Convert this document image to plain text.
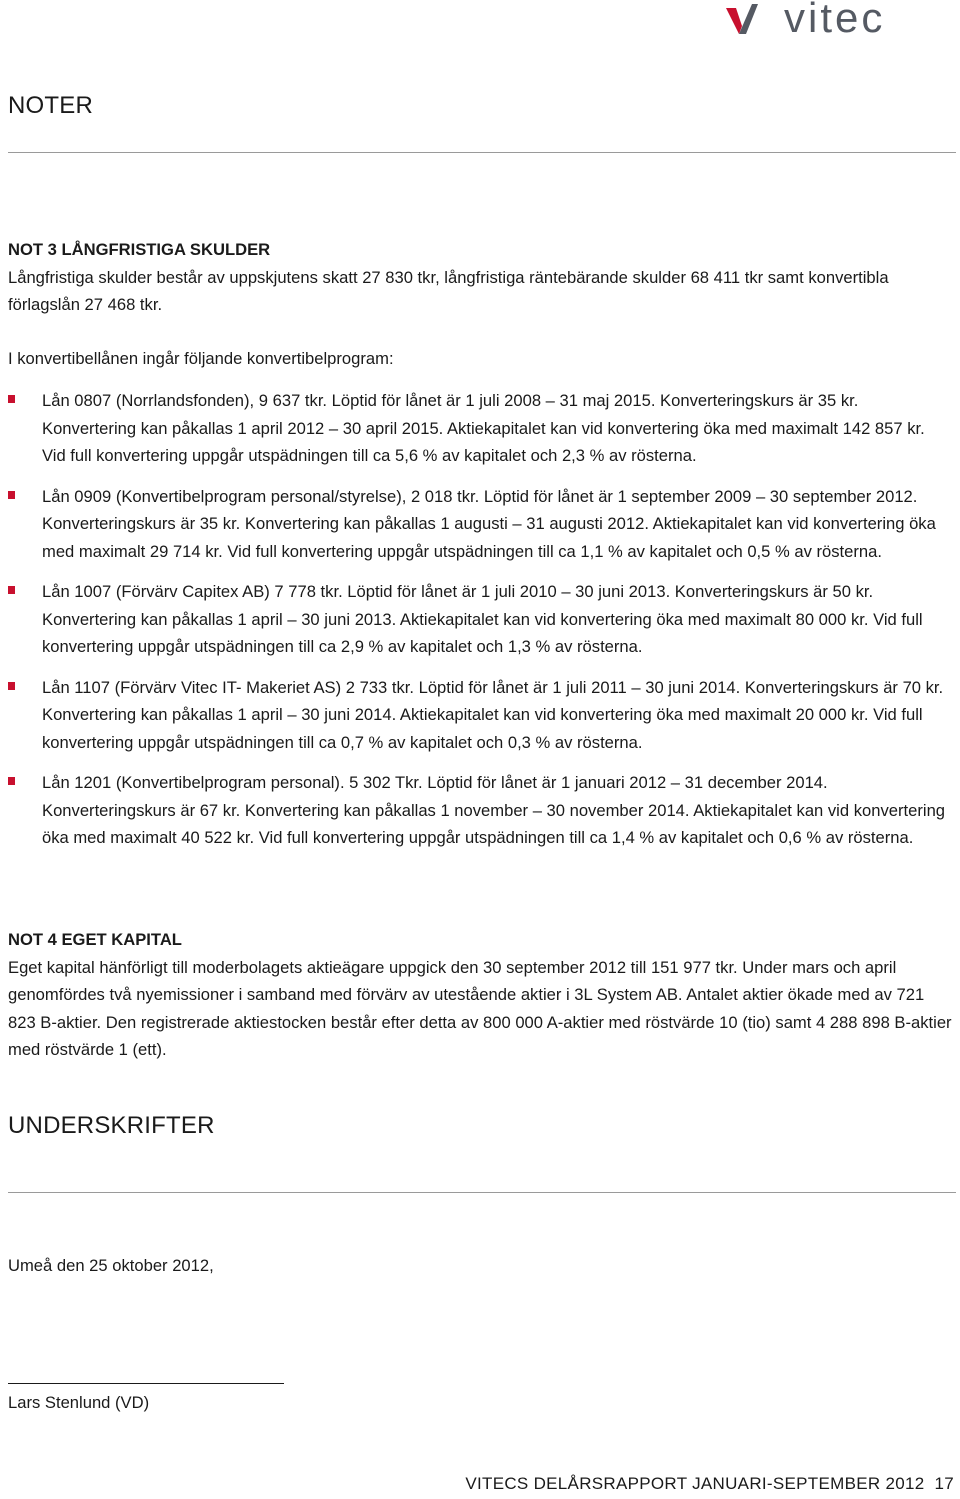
vitec
NOTER
NOT 3 LÅNGFRISTIGA SKULDER

Långfristiga skulder består av uppskjutens skatt 27 830 tkr, långfristiga räntebärande skulder 68 411 tkr samt konvertibla förlagslån 27 468 tkr.

I konvertibellånen ingår följande konvertibelprogram:

Lån 0807 (Norrlandsfonden), 9 637 tkr. Löptid för lånet är 1 juli 2008 – 31 maj 2015. Konverteringskurs är 35 kr. Konvertering kan påkallas 1 april 2012 – 30 april 2015. Aktiekapitalet kan vid konvertering öka med maximalt 142 857 kr. Vid full konvertering uppgår utspädningen till ca 5,6 % av kapitalet och 2,3 % av rösterna.
Lån 0909 (Konvertibelprogram personal/styrelse), 2 018 tkr. Löptid för lånet är 1 september 2009 – 30 september 2012. Konverteringskurs är 35 kr. Konvertering kan påkallas 1 augusti – 31 augusti 2012. Aktiekapitalet kan vid konvertering öka med maximalt 29 714 kr. Vid full konvertering uppgår utspädningen till ca 1,1 % av kapitalet och 0,5 % av rösterna.
Lån 1007 (Förvärv Capitex AB) 7 778 tkr. Löptid för lånet är 1 juli 2010 – 30 juni 2013. Konverteringskurs är 50 kr. Konvertering kan påkallas 1 april – 30 juni 2013. Aktiekapitalet kan vid konvertering öka med maximalt 80 000 kr. Vid full konvertering uppgår utspädningen till ca 2,9 % av kapitalet och 1,3 % av rösterna.
Lån 1107 (Förvärv Vitec IT- Makeriet AS) 2 733 tkr. Löptid för lånet är 1 juli 2011 – 30 juni 2014. Konverteringskurs är 70 kr. Konvertering kan påkallas 1 april – 30 juni 2014. Aktiekapitalet kan vid konvertering öka med maximalt 20 000 kr. Vid full konvertering uppgår utspädningen till ca 0,7 % av kapitalet och 0,3 % av rösterna.
Lån 1201 (Konvertibelprogram personal). 5 302 Tkr. Löptid för lånet är 1 januari 2012 – 31 december 2014. Konverteringskurs är 67 kr. Konvertering kan påkallas 1 november – 30 november 2014. Aktiekapitalet kan vid konvertering öka med maximalt 40 522 kr. Vid full konvertering uppgår utspädningen till ca 1,4 % av kapitalet och 0,6 % av rösterna.
NOT 4 EGET KAPITAL

Eget kapital hänförligt till moderbolagets aktieägare uppgick den 30 september 2012 till 151 977 tkr. Under mars och april genomfördes två nyemissioner i samband med förvärv av utestående aktier i 3L System AB. Antalet aktier ökade med av 721 823 B-aktier. Den registrerade aktiestocken består efter detta av 800 000 A-aktier med röstvärde 10 (tio) samt 4 288 898 B-aktier med röstvärde 1 (ett).

UNDERSKRIFTER
Umeå den 25 oktober 2012,
Lars Stenlund (VD)
VITECS DELÅRSRAPPORT JANUARI-SEPTEMBER 2012 17
